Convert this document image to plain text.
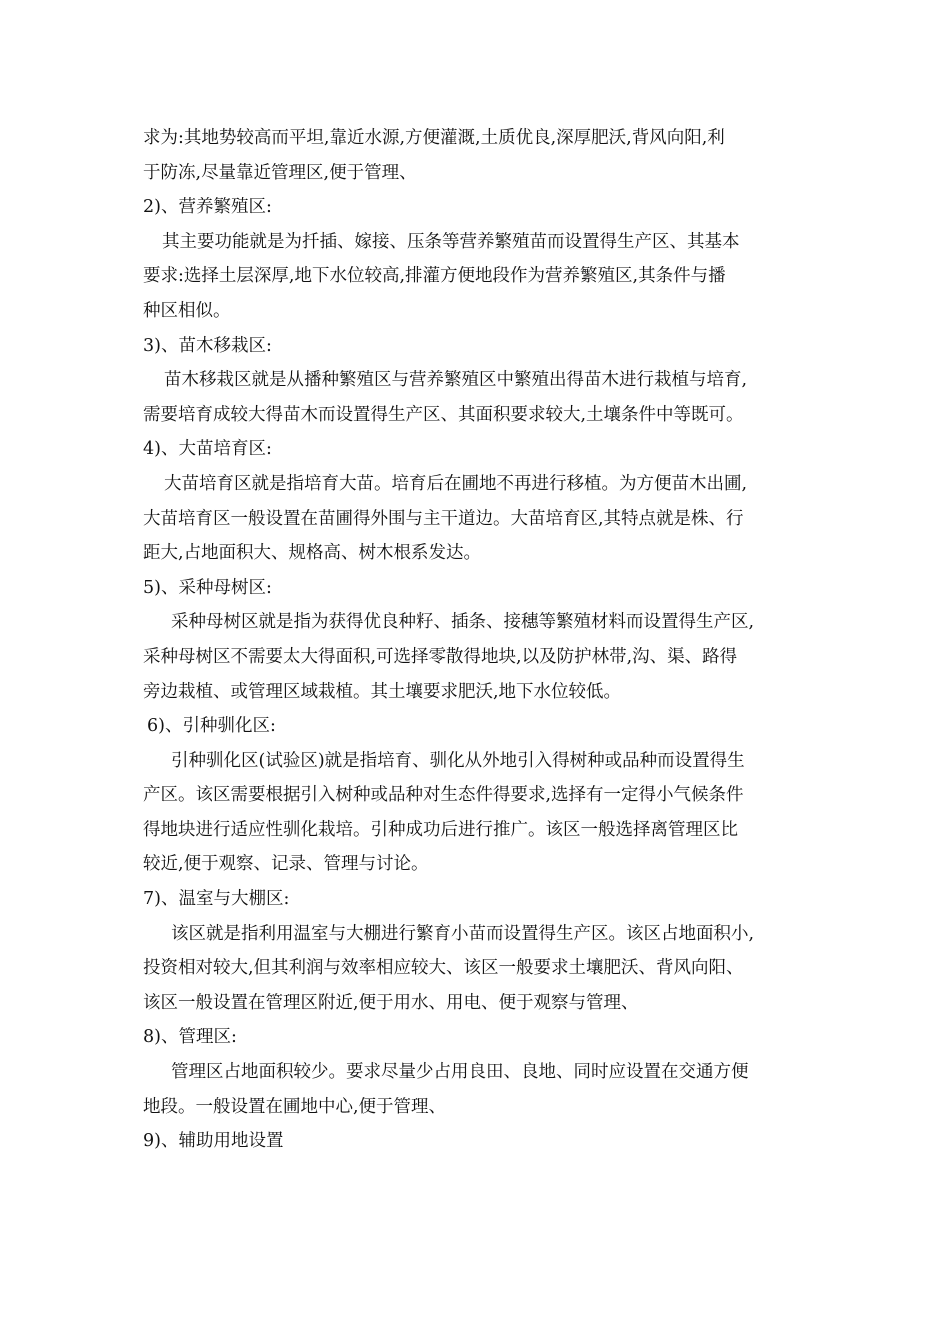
求为:其地势较高而平坦,靠近水源,方便灌溉,土质优良,深厚肥沃,背风向阳,利
于防冻,尽量靠近管理区,便于管理、
2)、营养繁殖区:
其主要功能就是为扦插、嫁接、压条等营养繁殖苗而设置得生产区、其基本
要求:选择土层深厚,地下水位较高,排灌方便地段作为营养繁殖区,其条件与播
种区相似。
3)、苗木移栽区:
苗木移栽区就是从播种繁殖区与营养繁殖区中繁殖出得苗木进行栽植与培育,
需要培育成较大得苗木而设置得生产区、其面积要求较大,土壤条件中等既可。
4)、大苗培育区:
大苗培育区就是指培育大苗。培育后在圃地不再进行移植。为方便苗木出圃,
大苗培育区一般设置在苗圃得外围与主干道边。大苗培育区,其特点就是株、行
距大,占地面积大、规格高、树木根系发达。
5)、采种母树区:
采种母树区就是指为获得优良种籽、插条、接穗等繁殖材料而设置得生产区,
采种母树区不需要太大得面积,可选择零散得地块,以及防护林带,沟、渠、路得
旁边栽植、或管理区域栽植。其土壤要求肥沃,地下水位较低。
6)、引种驯化区:
引种驯化区(试验区)就是指培育、驯化从外地引入得树种或品种而设置得生
产区。该区需要根据引入树种或品种对生态件得要求,选择有一定得小气候条件
得地块进行适应性驯化栽培。引种成功后进行推广。该区一般选择离管理区比
较近,便于观察、记录、管理与讨论。
7)、温室与大棚区:
该区就是指利用温室与大棚进行繁育小苗而设置得生产区。该区占地面积小,
投资相对较大,但其利润与效率相应较大、该区一般要求土壤肥沃、背风向阳、
该区一般设置在管理区附近,便于用水、用电、便于观察与管理、
8)、管理区:
管理区占地面积较少。要求尽量少占用良田、良地、同时应设置在交通方便
地段。一般设置在圃地中心,便于管理、
9)、辅助用地设置
